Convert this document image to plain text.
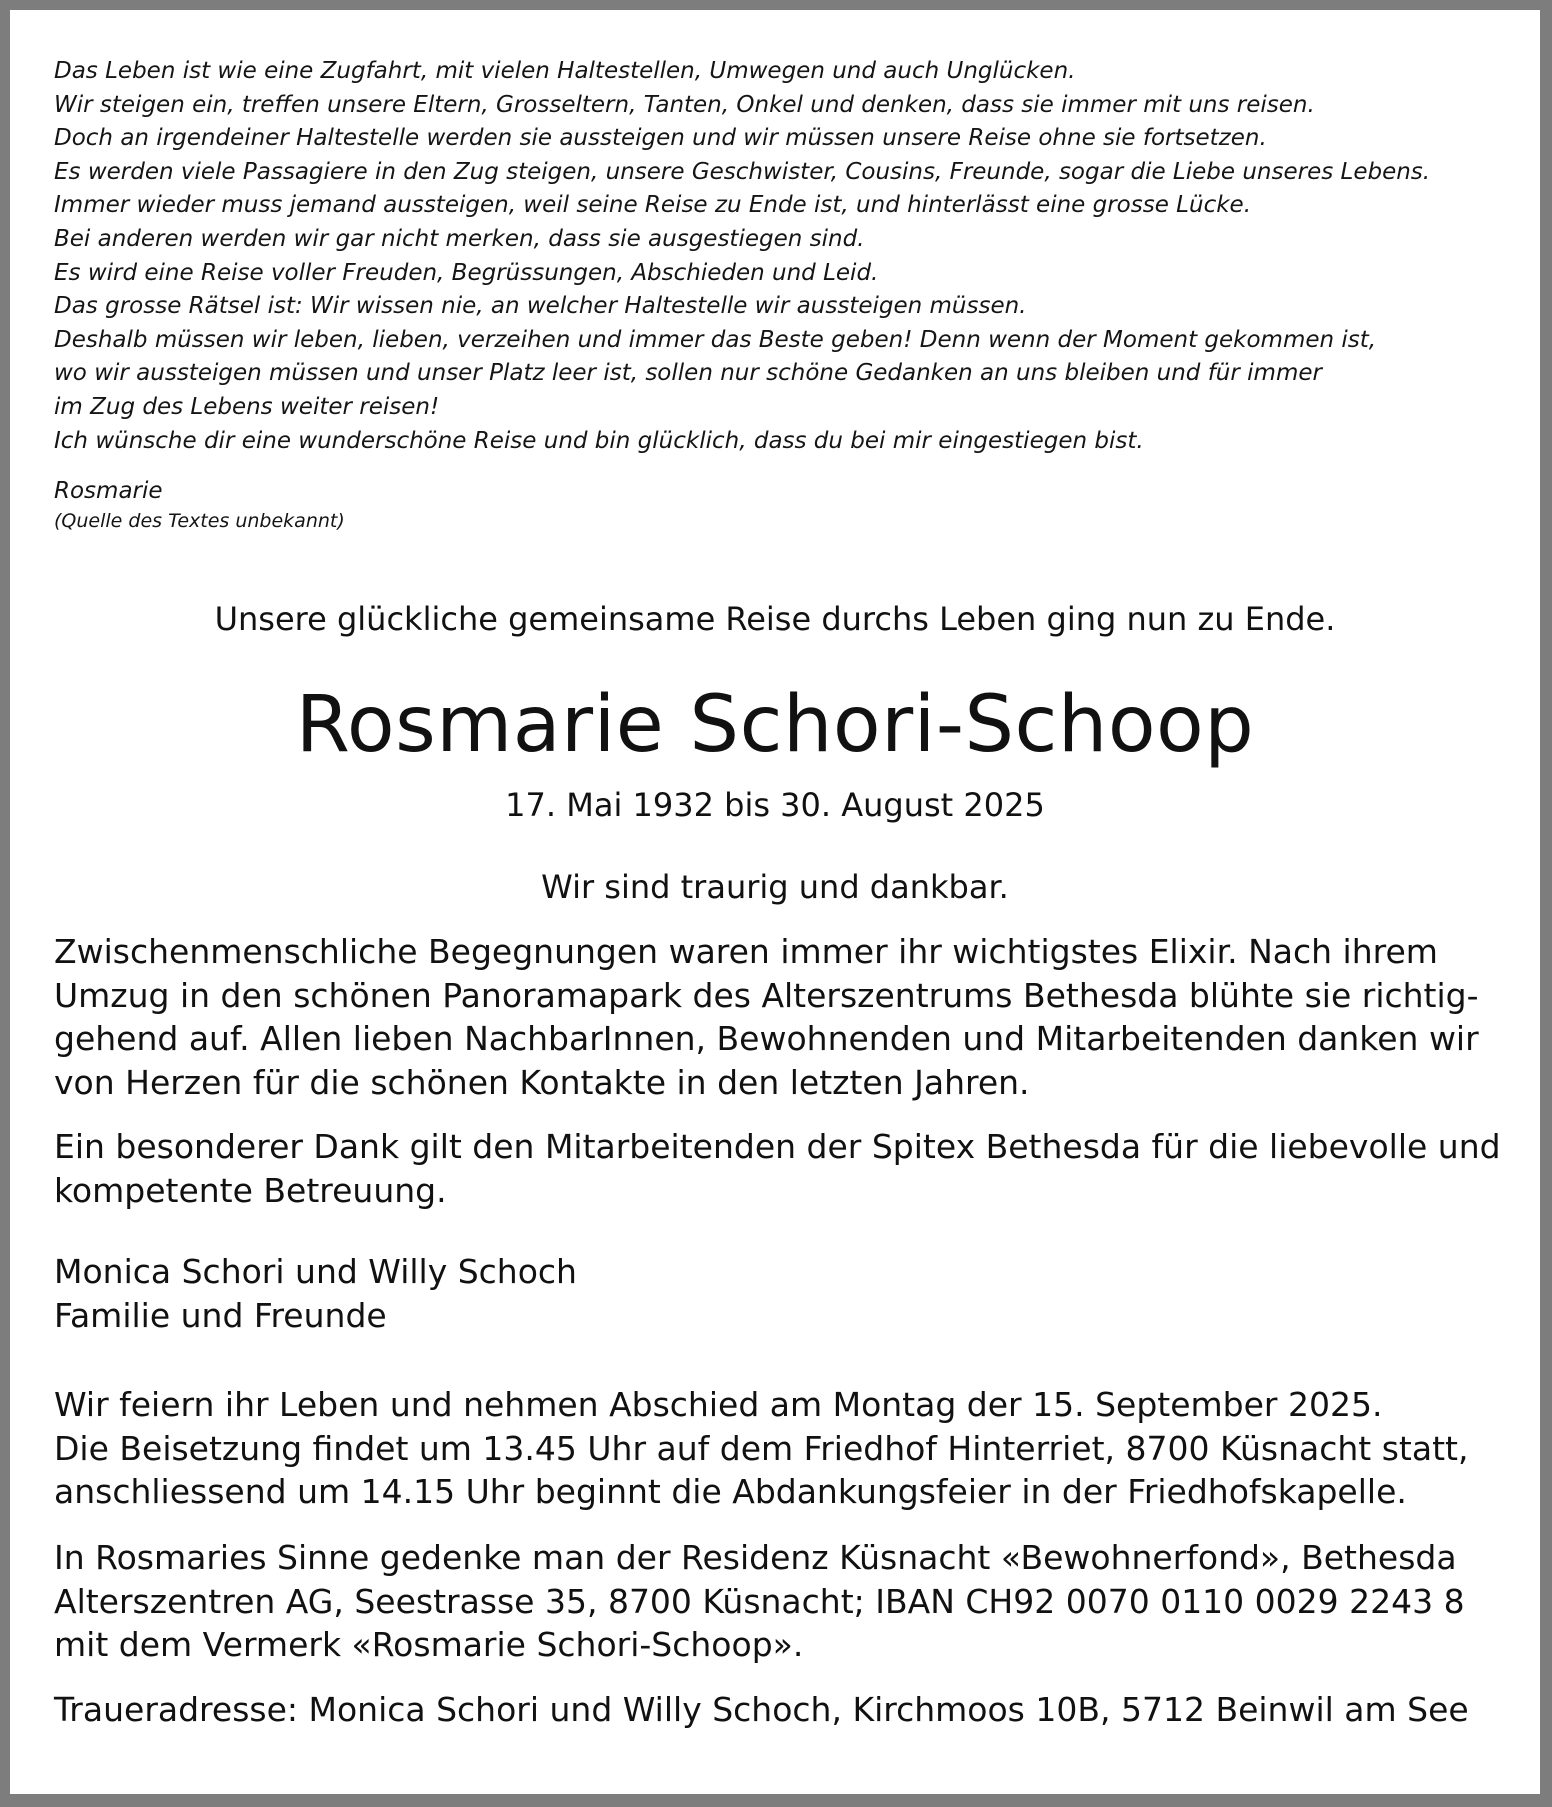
Das Leben ist wie eine Zugfahrt, mit vielen Haltestellen, Umwegen und auch Unglücken.
Wir steigen ein, treffen unsere Eltern, Grosseltern, Tanten, Onkel und denken, dass sie immer mit uns reisen.
Doch an irgendeiner Haltestelle werden sie aussteigen und wir müssen unsere Reise ohne sie fortsetzen.
Es werden viele Passagiere in den Zug steigen, unsere Geschwister, Cousins, Freunde, sogar die Liebe unseres Lebens.
Immer wieder muss jemand aussteigen, weil seine Reise zu Ende ist, und hinterlässt eine grosse Lücke.
Bei anderen werden wir gar nicht merken, dass sie ausgestiegen sind.
Es wird eine Reise voller Freuden, Begrüssungen, Abschieden und Leid.
Das grosse Rätsel ist: Wir wissen nie, an welcher Haltestelle wir aussteigen müssen.
Deshalb müssen wir leben, lieben, verzeihen und immer das Beste geben! Denn wenn der Moment gekommen ist,
wo wir aussteigen müssen und unser Platz leer ist, sollen nur schöne Gedanken an uns bleiben und für immer
im Zug des Lebens weiter reisen!
Ich wünsche dir eine wunderschöne Reise und bin glücklich, dass du bei mir eingestiegen bist.
Rosmarie
(Quelle des Textes unbekannt)
Unsere glückliche gemeinsame Reise durchs Leben ging nun zu Ende.
Rosmarie Schori-Schoop
17. Mai 1932 bis 30. August 2025
Wir sind traurig und dankbar.
Zwischenmenschliche Begegnungen waren immer ihr wichtigstes Elixir. Nach ihrem
Umzug in den schönen Panoramapark des Alterszentrums Bethesda blühte sie richtig-
gehend auf. Allen lieben NachbarInnen, Bewohnenden und Mitarbeitenden danken wir
von Herzen für die schönen Kontakte in den letzten Jahren.
Ein besonderer Dank gilt den Mitarbeitenden der Spitex Bethesda für die liebevolle und
kompetente Betreuung.
Monica Schori und Willy Schoch
Familie und Freunde
Wir feiern ihr Leben und nehmen Abschied am Montag der 15. September 2025.
Die Beisetzung findet um 13.45 Uhr auf dem Friedhof Hinterriet, 8700 Küsnacht statt,
anschliessend um 14.15 Uhr beginnt die Abdankungsfeier in der Friedhofskapelle.
In Rosmaries Sinne gedenke man der Residenz Küsnacht «Bewohnerfond», Bethesda
Alterszentren AG, Seestrasse 35, 8700 Küsnacht; IBAN CH92 0070 0110 0029 2243 8
mit dem Vermerk «Rosmarie Schori-Schoop».
Traueradresse: Monica Schori und Willy Schoch, Kirchmoos 10B, 5712 Beinwil am See
